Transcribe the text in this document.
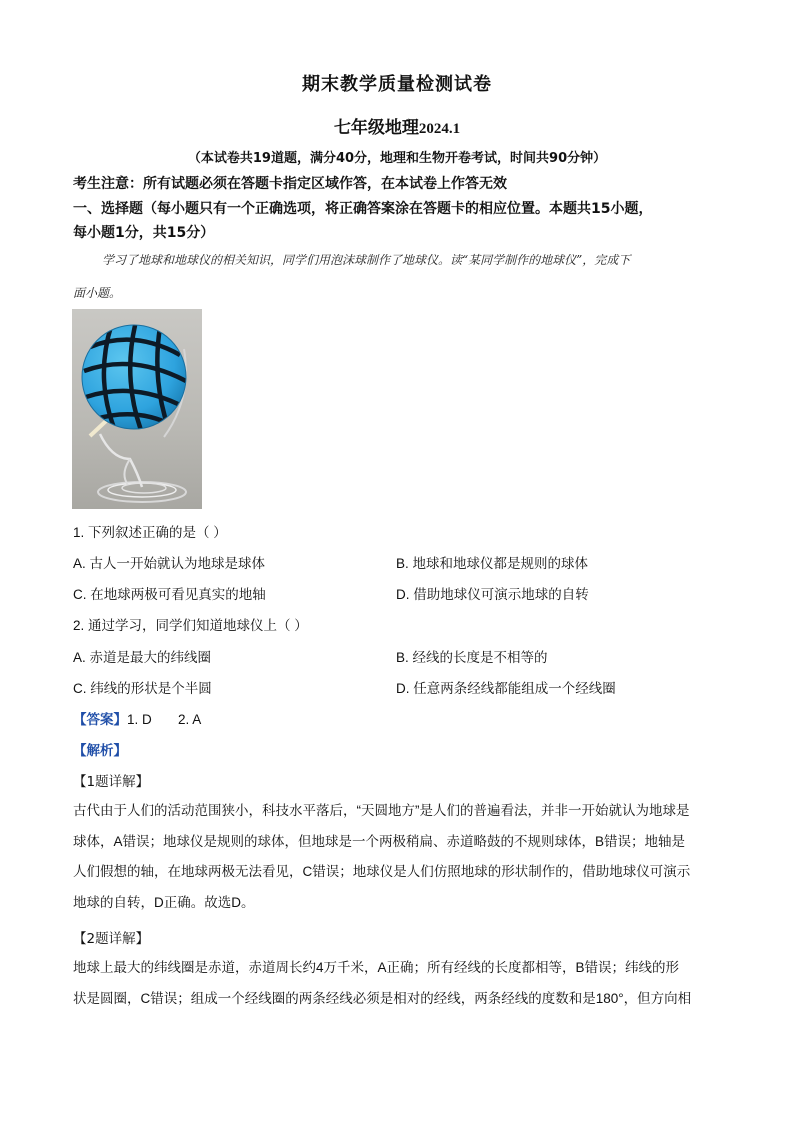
期末教学质量检测试卷
七年级地理2024.1
（本试卷共19道题，满分40分，地理和生物开卷考试，时间共90分钟）
考生注意：所有试题必须在答题卡指定区域作答，在本试卷上作答无效
一、选择题（每小题只有一个正确选项，将正确答案涂在答题卡的相应位置。本题共15小题，
每小题1分，共15分）
学习了地球和地球仪的相关知识，同学们用泡沫球制作了地球仪。读“某同学制作的地球仪”，完成下
面小题。
1. 下列叙述正确的是（ ）
A. 古人一开始就认为地球是球体	B. 地球和地球仪都是规则的球体
C. 在地球两极可看见真实的地轴	D. 借助地球仪可演示地球的自转
2. 通过学习，同学们知道地球仪上（ ）
A. 赤道是最大的纬线圈	B. 经线的长度是不相等的
C. 纬线的形状是个半圆	D. 任意两条经线都能组成一个经线圈
【答案】1. D       2. A
【解析】
【1题详解】
古代由于人们的活动范围狭小，科技水平落后，“天圆地方”是人们的普遍看法，并非一开始就认为地球是
球体，A错误；地球仪是规则的球体，但地球是一个两极稍扁、赤道略鼓的不规则球体，B错误；地轴是
人们假想的轴，在地球两极无法看见，C错误；地球仪是人们仿照地球的形状制作的，借助地球仪可演示
地球的自转，D正确。故选D。
【2题详解】
地球上最大的纬线圈是赤道，赤道周长约4万千米，A正确；所有经线的长度都相等，B错误；纬线的形
状是圆圈，C错误；组成一个经线圈的两条经线必须是相对的经线，两条经线的度数和是180°，但方向相
